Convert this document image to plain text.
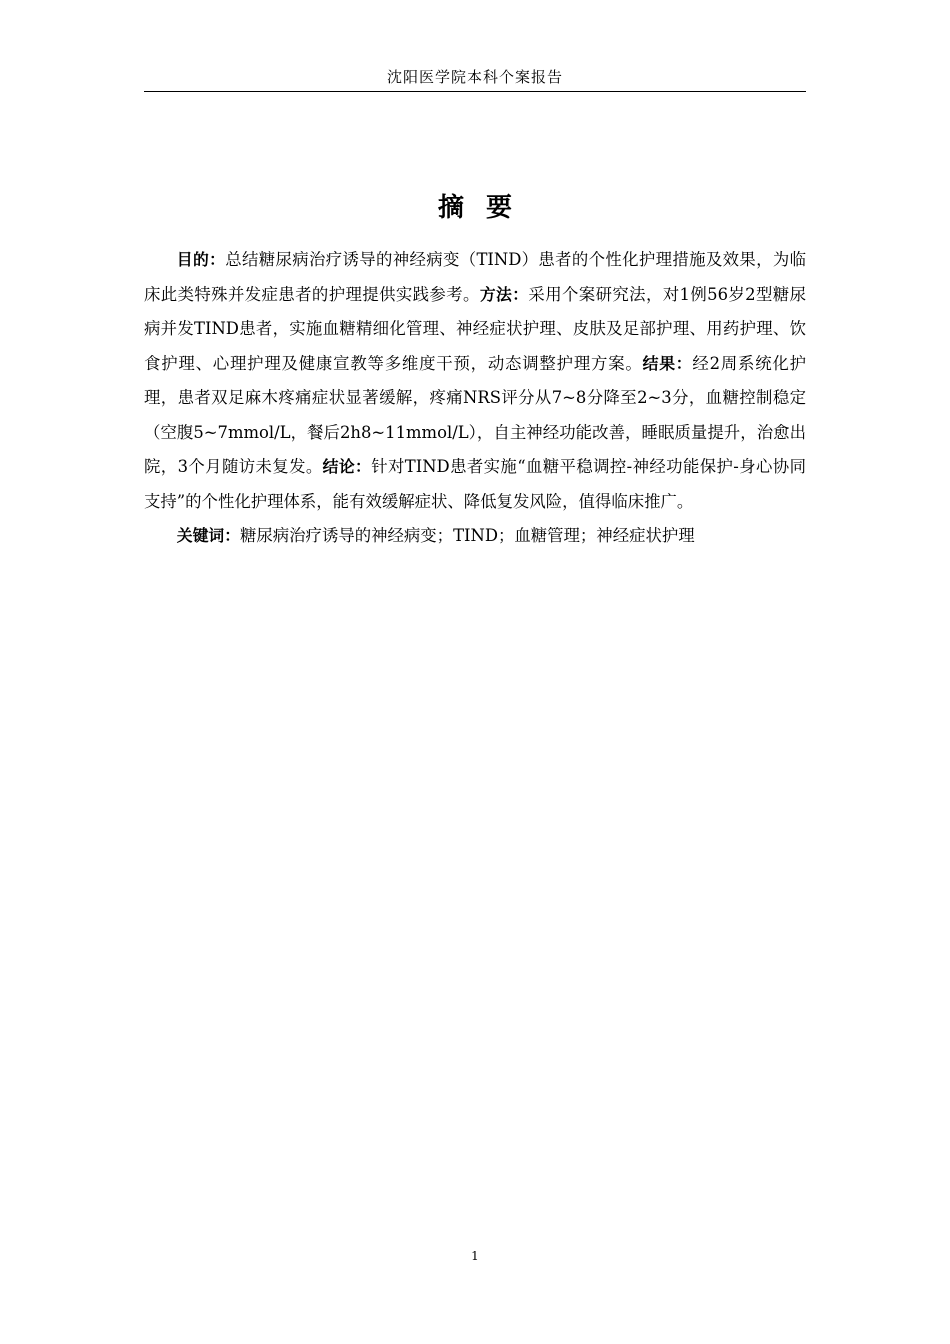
沈阳医学院本科个案报告
摘要

目的：总结糖尿病治疗诱导的神经病变（TIND）患者的个性化护理措施及效果，为临床此类特殊并发症患者的护理提供实践参考。方法：采用个案研究法，对1例56岁2型糖尿病并发TIND患者，实施血糖精细化管理、神经症状护理、皮肤及足部护理、用药护理、饮食护理、心理护理及健康宣教等多维度干预，动态调整护理方案。结果：经2周系统化护理，患者双足麻木疼痛症状显著缓解，疼痛NRS评分从7~8分降至2~3分，血糖控制稳定（空腹5~7mmol/L，餐后2h8~11mmol/L），自主神经功能改善，睡眠质量提升，治愈出院，3个月随访未复发。结论：针对TIND患者实施“血糖平稳调控-神经功能保护-身心协同支持”的个性化护理体系，能有效缓解症状、降低复发风险，值得临床推广。

关键词：糖尿病治疗诱导的神经病变；TIND；血糖管理；神经症状护理

1
